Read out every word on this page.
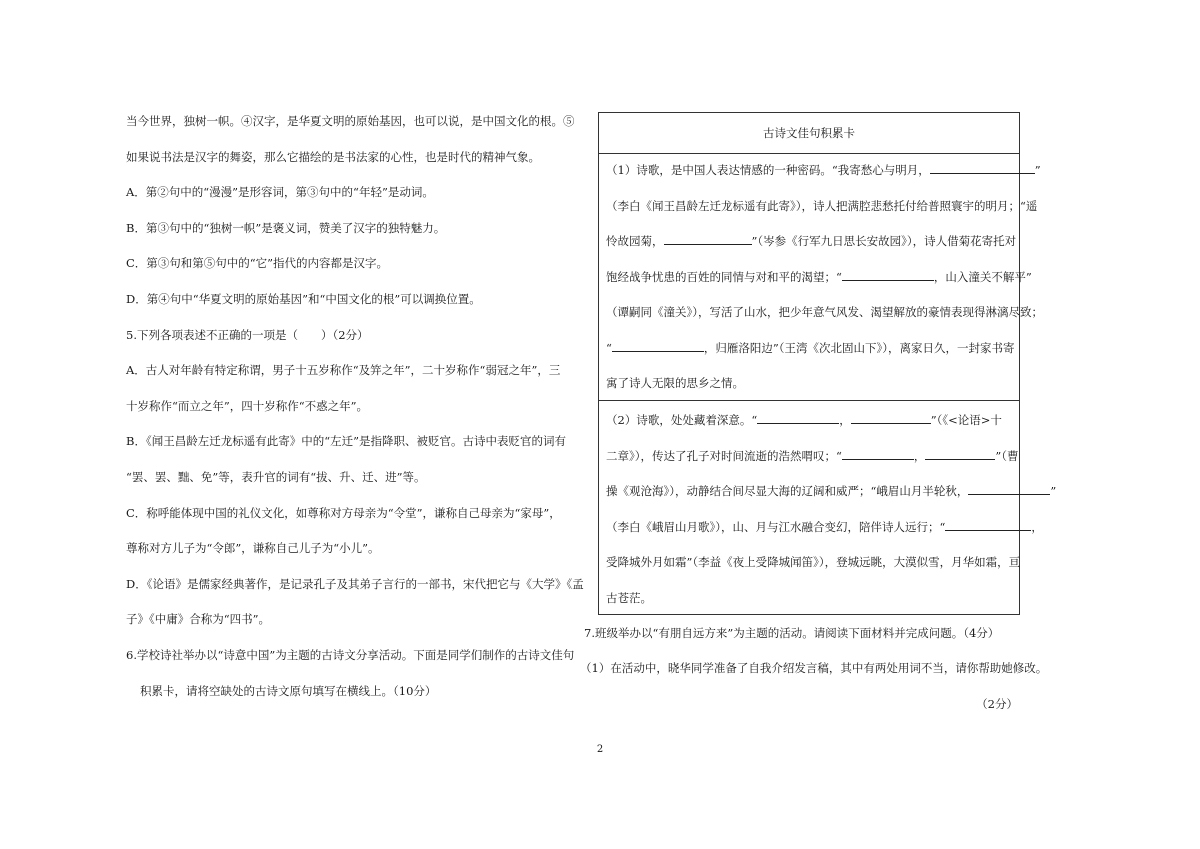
当今世界，独树一帜。④汉字，是华夏文明的原始基因，也可以说，是中国文化的根。⑤
如果说书法是汉字的舞姿，那么它描绘的是书法家的心性，也是时代的精神气象。
A．第②句中的“漫漫”是形容词，第③句中的“年轻”是动词。
B．第③句中的“独树一帜”是褒义词，赞美了汉字的独特魅力。
C．第③句和第⑤句中的“它”指代的内容都是汉字。
D．第④句中“华夏文明的原始基因”和“中国文化的根”可以调换位置。
5.下列各项表述不正确的一项是（　　）（2分）
A．古人对年龄有特定称谓，男子十五岁称作“及笄之年”，二十岁称作“弱冠之年”，三
十岁称作“而立之年”，四十岁称作“不惑之年”。
B．《闻王昌龄左迁龙标遥有此寄》中的“左迁”是指降职、被贬官。古诗中表贬官的词有
“罢、罢、黜、免”等，表升官的词有“拔、升、迁、进”等。
C．称呼能体现中国的礼仪文化，如尊称对方母亲为“令堂”，谦称自己母亲为“家母”，
尊称对方儿子为“令郎”，谦称自己儿子为“小儿”。
D．《论语》是儒家经典著作，是记录孔子及其弟子言行的一部书，宋代把它与《大学》《孟
子》《中庸》合称为“四书”。
6.学校诗社举办以“诗意中国”为主题的古诗文分享活动。下面是同学们制作的古诗文佳句
积累卡，请将空缺处的古诗文原句填写在横线上。（10分）
古诗文佳句积累卡
（1）诗歌，是中国人表达情感的一种密码。“我寄愁心与明月，	”
（李白《闻王昌龄左迁龙标遥有此寄》），诗人把满腔悲愁托付给普照寰宇的明月；“遥
怜故园菊，	”（岑参《行军九日思长安故园》），诗人借菊花寄托对
饱经战争忧患的百姓的同情与对和平的渴望；“	，山入潼关不解平”
（谭嗣同《潼关》），写活了山水，把少年意气风发、渴望解放的豪情表现得淋漓尽致；
“	，归雁洛阳边”（王湾《次北固山下》），离家日久，一封家书寄
寓了诗人无限的思乡之情。
（2）诗歌，处处藏着深意。“	，	”（《<论语>十
二章》），传达了孔子对时间流逝的浩然喟叹；“	，	”（曹
操《观沧海》），动静结合间尽显大海的辽阔和威严；“峨眉山月半轮秋，	”
（李白《峨眉山月歌》），山、月与江水融合变幻，陪伴诗人远行；“	，
受降城外月如霜”（李益《夜上受降城闻笛》），登城远眺，大漠似雪，月华如霜，亘
古苍茫。
7.班级举办以“有朋自远方来”为主题的活动。请阅读下面材料并完成问题。（4分）
（1）在活动中，晓华同学准备了自我介绍发言稿，其中有两处用词不当，请你帮助她修改。
（2分）
2
